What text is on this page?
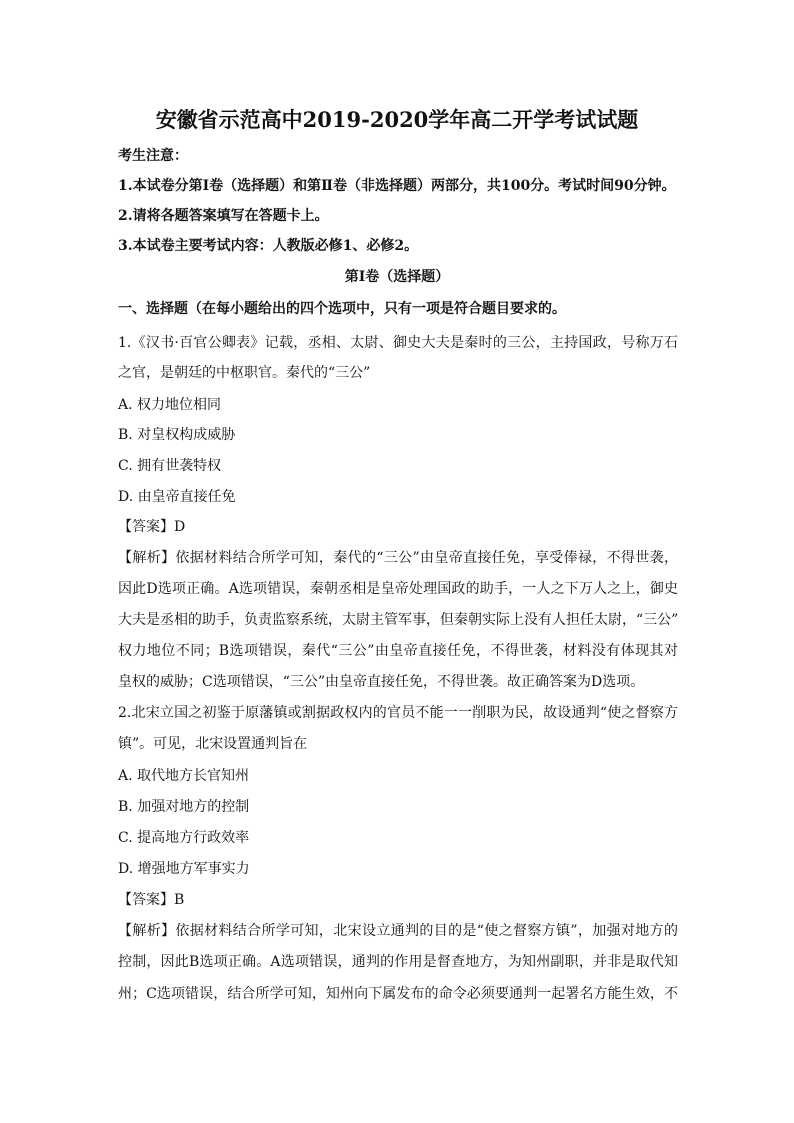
安徽省示范高中2019-2020学年高二开学考试试题
考生注意：
1.本试卷分第Ⅰ卷（选择题）和第Ⅱ卷（非选择题）两部分，共100分。考试时间90分钟。
2.请将各题答案填写在答题卡上。
3.本试卷主要考试内容：人教版必修1、必修2。
第Ⅰ卷（选择题）
一、选择题（在每小题给出的四个选项中，只有一项是符合题目要求的。
1.《汉书·百官公卿表》记载，丞相、太尉、御史大夫是秦时的三公，主持国政，号称万石
之官，是朝廷的中枢职官。秦代的“三公”
A. 权力地位相同
B. 对皇权构成威胁
C. 拥有世袭特权
D. 由皇帝直接任免
【答案】D
【解析】依据材料结合所学可知，秦代的“三公”由皇帝直接任免，享受俸禄，不得世袭，
因此D选项正确。A选项错误，秦朝丞相是皇帝处理国政的助手，一人之下万人之上，御史
大夫是丞相的助手，负责监察系统，太尉主管军事，但秦朝实际上没有人担任太尉，“三公”
权力地位不同；B选项错误，秦代“三公”由皇帝直接任免，不得世袭，材料没有体现其对
皇权的威胁；C选项错误，“三公”由皇帝直接任免，不得世袭。故正确答案为D选项。
2.北宋立国之初鉴于原藩镇或割据政权内的官员不能一一削职为民，故设通判“使之督察方
镇”。可见，北宋设置通判旨在
A. 取代地方长官知州
B. 加强对地方的控制
C. 提高地方行政效率
D. 增强地方军事实力
【答案】B
【解析】依据材料结合所学可知，北宋设立通判的目的是“使之督察方镇”，加强对地方的
控制，因此B选项正确。A选项错误，通判的作用是督查地方，为知州副职，并非是取代知
州；C选项错误，结合所学可知，知州向下属发布的命令必须要通判一起署名方能生效，不
